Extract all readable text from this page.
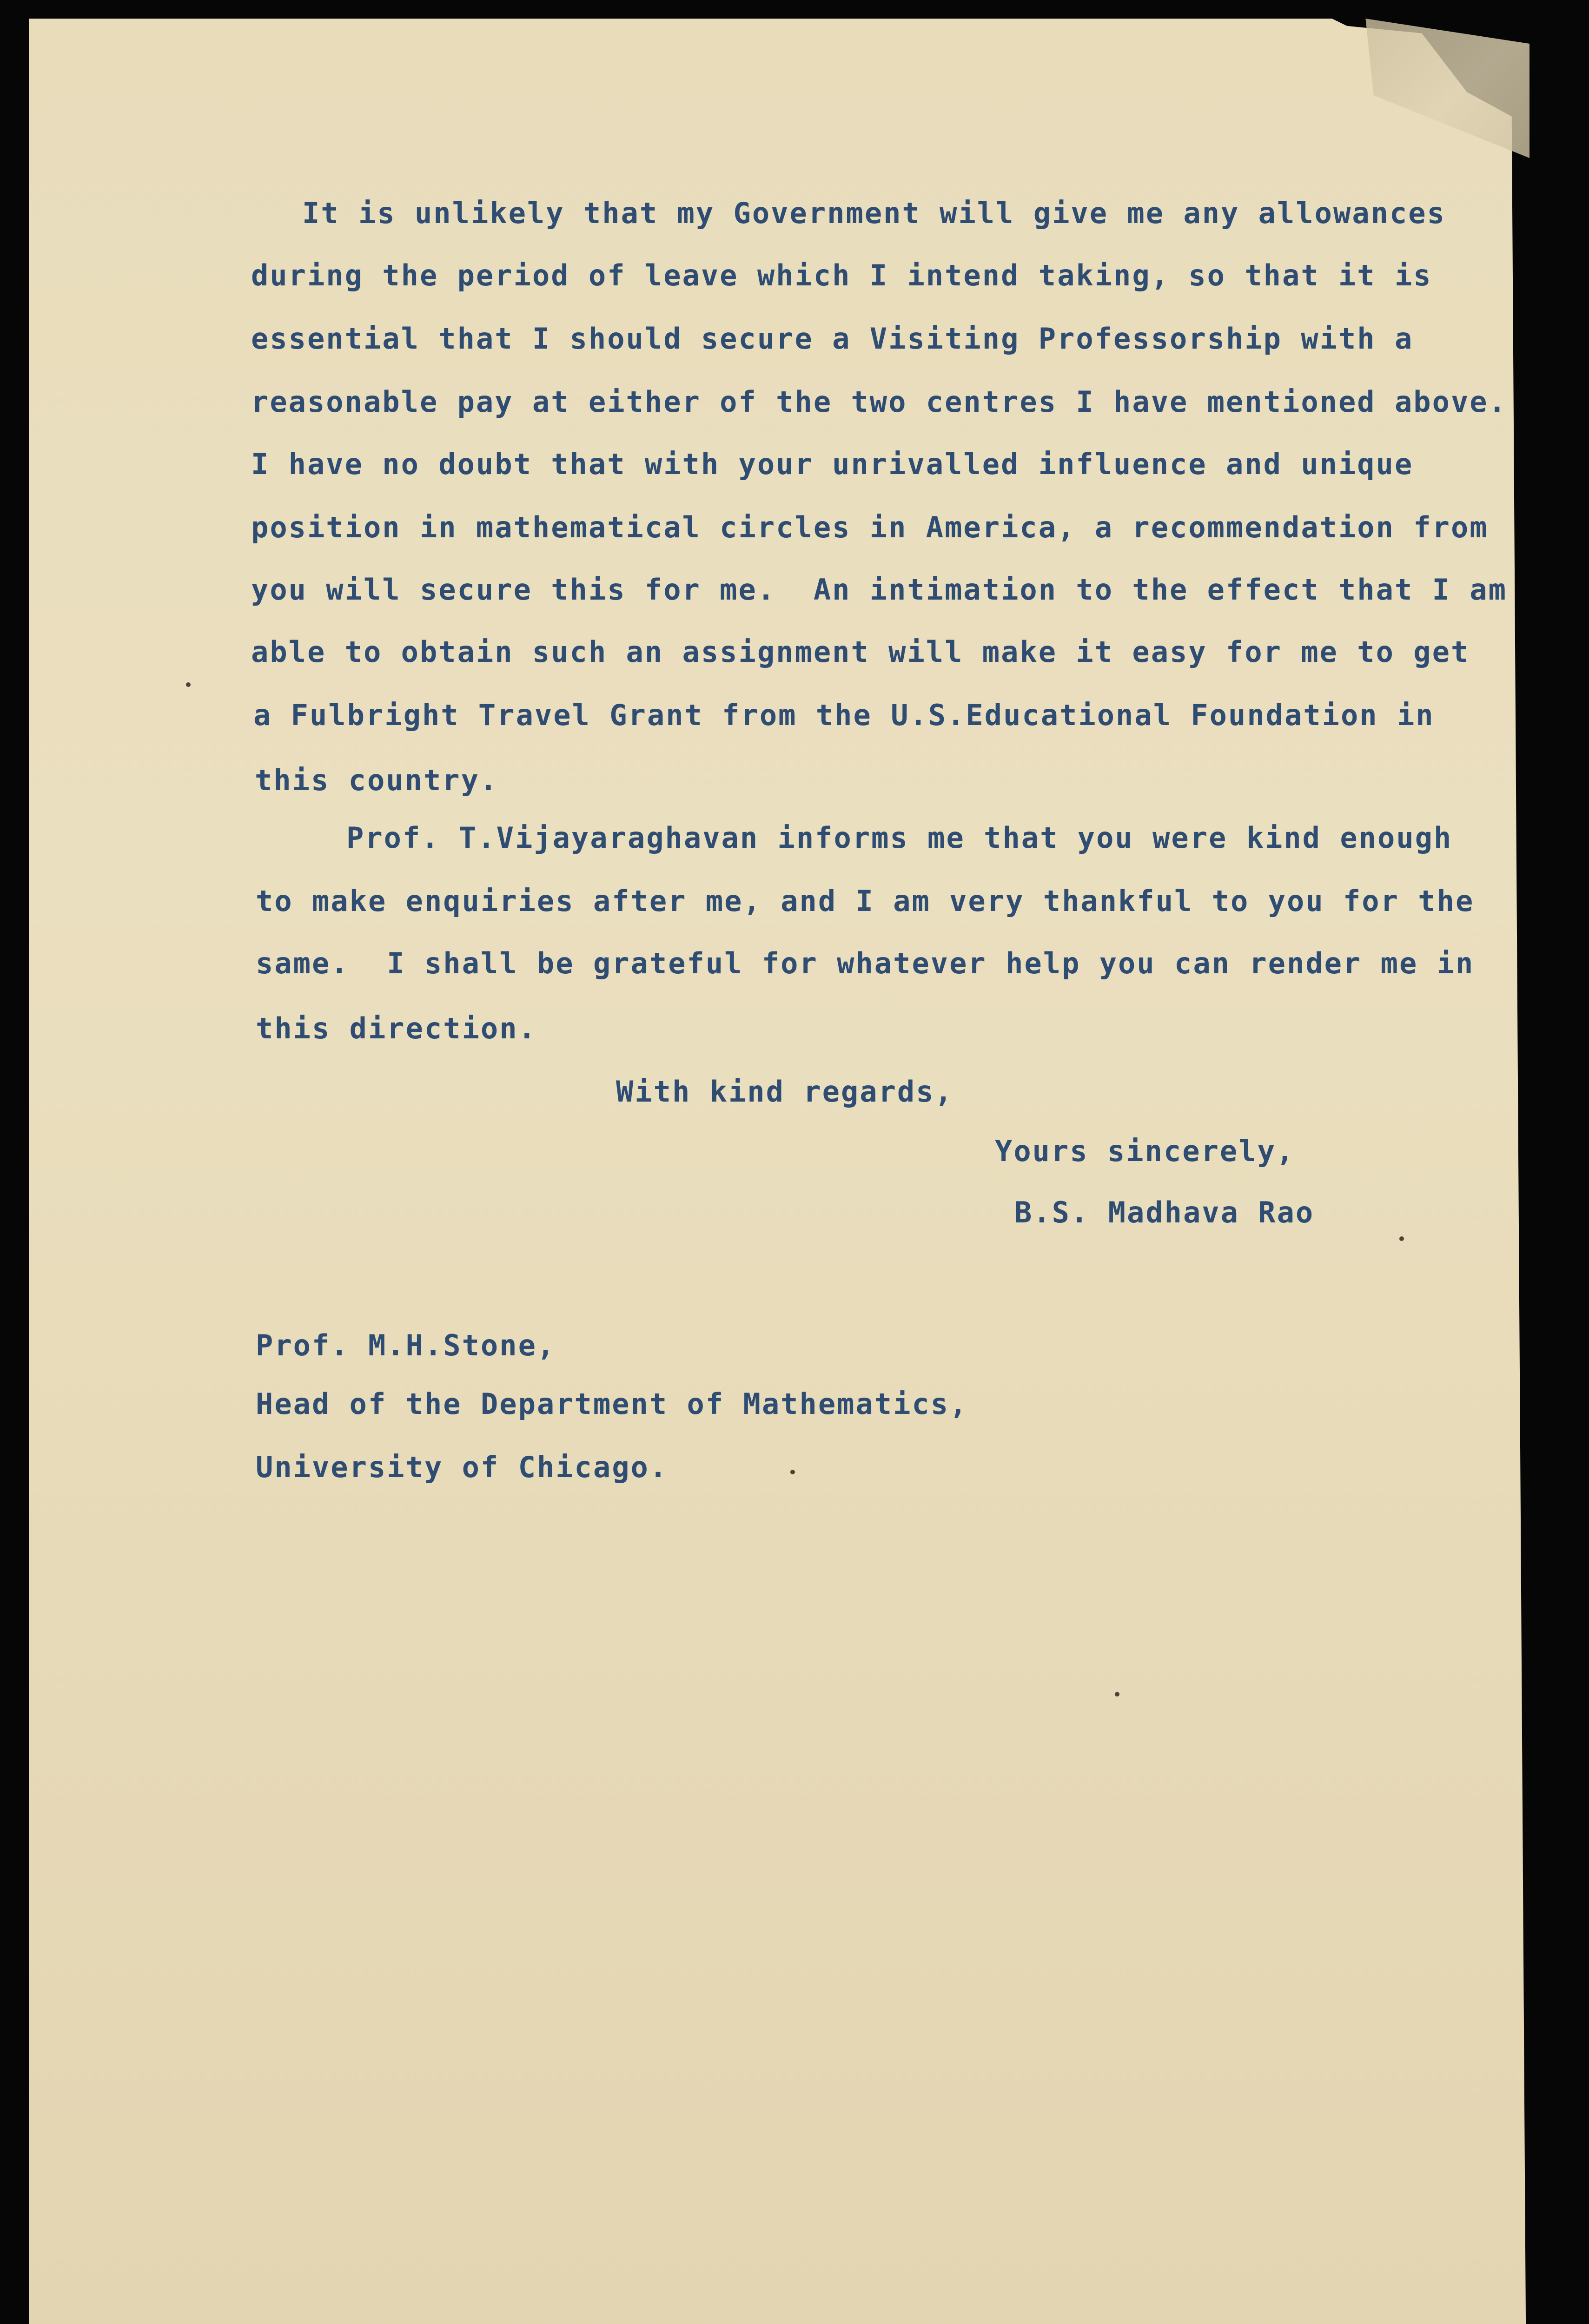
It is unlikely that my Government will give me any allowances
during the period of leave which I intend taking, so that it is
essential that I should secure a Visiting Professorship with a
reasonable pay at either of the two centres I have mentioned above.
I have no doubt that with your unrivalled influence and unique
position in mathematical circles in America, a recommendation from
you will secure this for me.  An intimation to the effect that I am
able to obtain such an assignment will make it easy for me to get
a Fulbright Travel Grant from the U.S.Educational Foundation in
this country.
Prof. T.Vijayaraghavan informs me that you were kind enough
to make enquiries after me, and I am very thankful to you for the
same.  I shall be grateful for whatever help you can render me in
this direction.
With kind regards,
Yours sincerely,
B.S. Madhava Rao
Prof. M.H.Stone,
Head of the Department of Mathematics,
University of Chicago.
